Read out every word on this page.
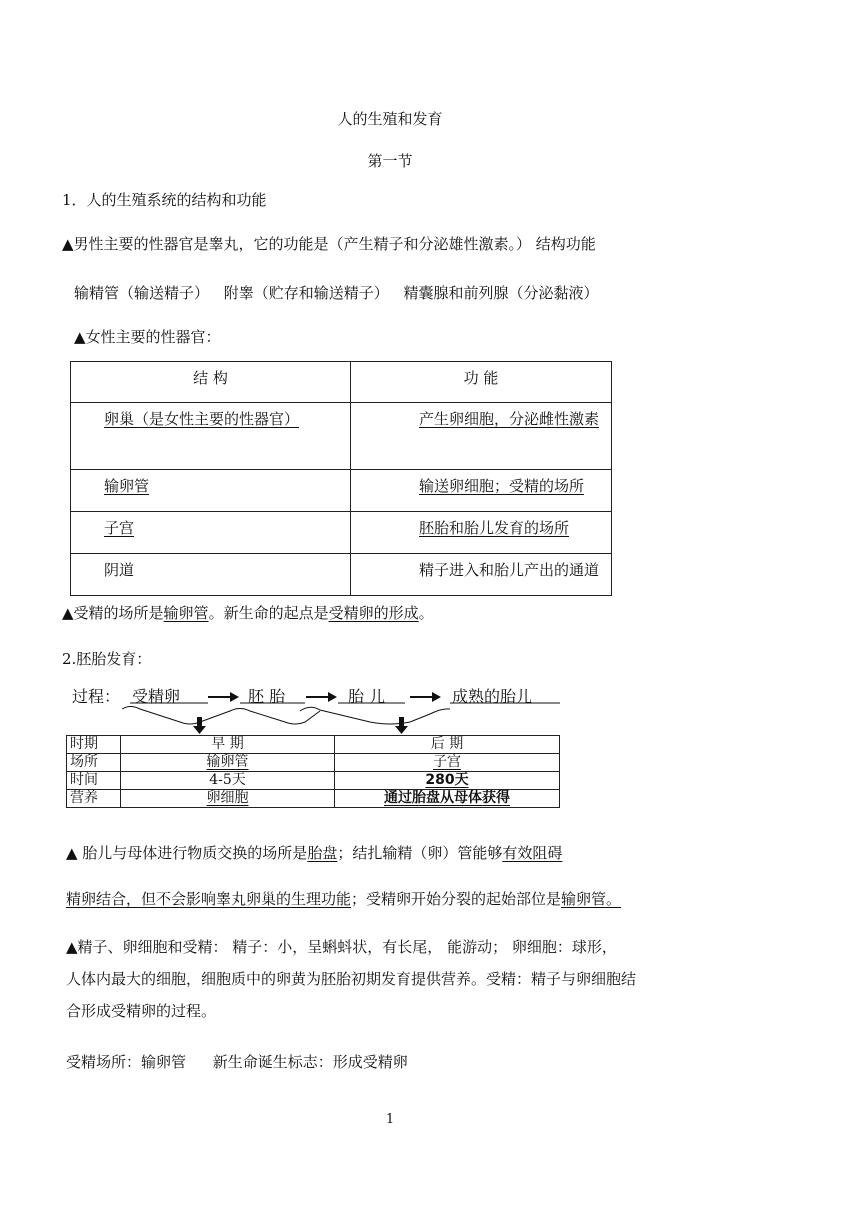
人的生殖和发育
第一节
1．人的生殖系统的结构和功能
▲男性主要的性器官是睾丸，它的功能是（产生精子和分泌雄性激素。） 结构功能
输精管（输送精子） 附睾（贮存和输送精子） 精囊腺和前列腺（分泌黏液）
▲女性主要的性器官：
结 构	功 能
卵巢（是女性主要的性器官）	产生卵细胞，分泌雌性激素
输卵管	输送卵细胞；受精的场所
子宫	胚胎和胎儿发育的场所
阴道	精子进入和胎儿产出的通道
▲受精的场所是输卵管。新生命的起点是受精卵的形成。
2.胚胎发育：
过程： 受精卵	胚 胎	胎 儿	成熟的胎儿
时期	早 期	后 期
场所	输卵管	子宫
时间	4-5天	280天
营养	卵细胞	通过胎盘从母体获得
▲ 胎儿与母体进行物质交换的场所是胎盘；结扎输精（卵）管能够有效阻碍
精卵结合，但不会影响睾丸卵巢的生理功能；受精卵开始分裂的起始部位是输卵管。
▲精子、卵细胞和受精： 精子：小，呈蝌蚪状，有长尾， 能游动； 卵细胞：球形，
人体内最大的细胞，细胞质中的卵黄为胚胎初期发育提供营养。受精：精子与卵细胞结
合形成受精卵的过程。
受精场所：输卵管 新生命诞生标志：形成受精卵
1
